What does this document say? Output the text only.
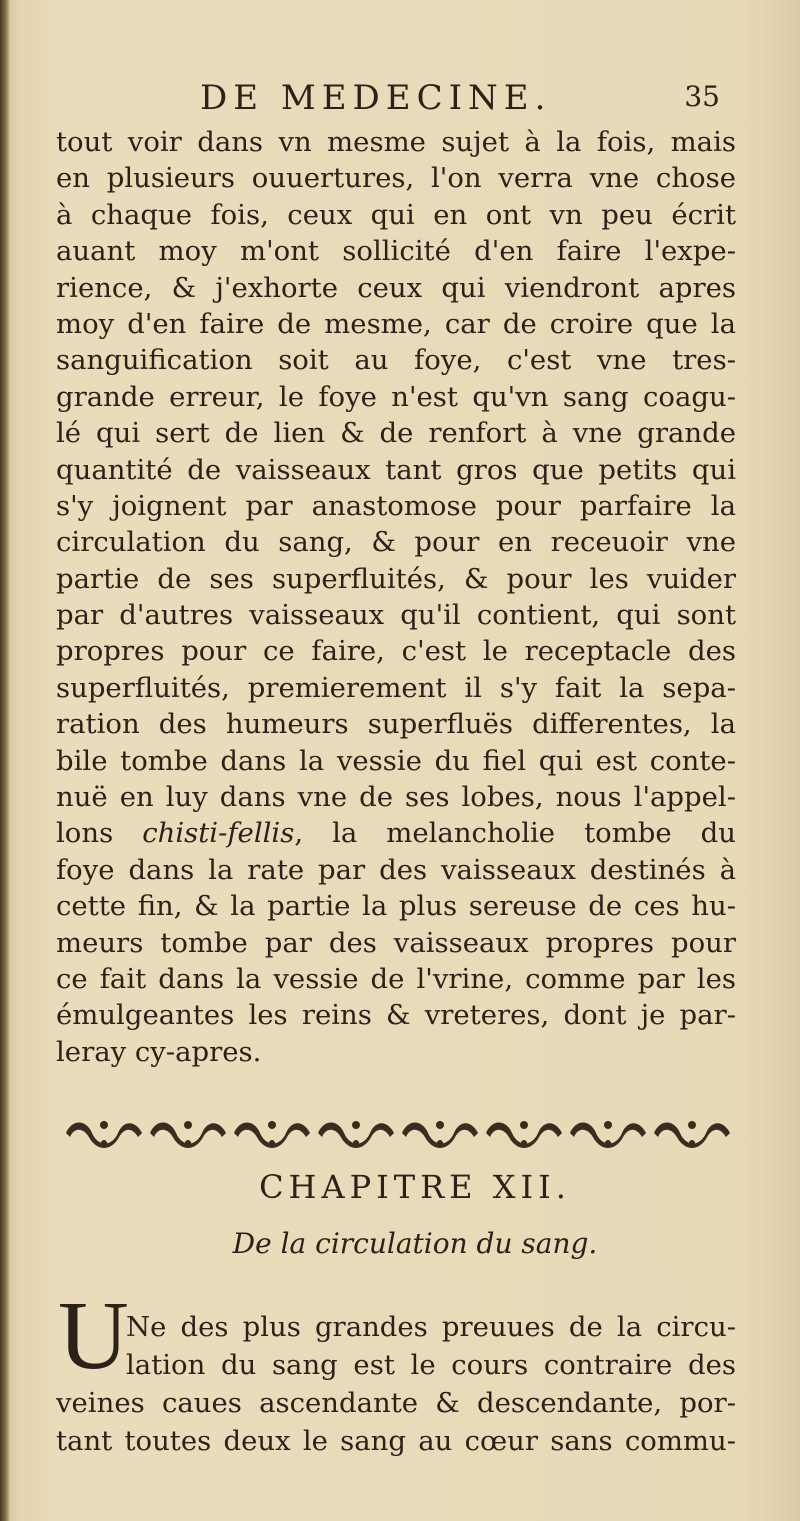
DE MEDECINE.	35
tout voir dans vn mesme sujet à la fois, mais
en plusieurs ouuertures, l'on verra vne chose
à chaque fois, ceux qui en ont vn peu écrit
auant moy m'ont sollicité d'en faire l'expe-
rience, & j'exhorte ceux qui viendront apres
moy d'en faire de mesme, car de croire que la
sanguification soit au foye, c'est vne tres-
grande erreur, le foye n'est qu'vn sang coagu-
lé qui sert de lien & de renfort à vne grande
quantité de vaisseaux tant gros que petits qui
s'y joignent par anastomose pour parfaire la
circulation du sang, & pour en receuoir vne
partie de ses superfluités, & pour les vuider
par d'autres vaisseaux qu'il contient, qui sont
propres pour ce faire, c'est le receptacle des
superfluités, premierement il s'y fait la sepa-
ration des humeurs superfluës differentes, la
bile tombe dans la vessie du fiel qui est conte-
nuë en luy dans vne de ses lobes, nous l'appel-
lons chisti-fellis, la melancholie tombe du
foye dans la rate par des vaisseaux destinés à
cette fin, & la partie la plus sereuse de ces hu-
meurs tombe par des vaisseaux propres pour
ce fait dans la vessie de l'vrine, comme par les
émulgeantes les reins & vreteres, dont je par-
leray cy-apres.
CHAPITRE XII.
De la circulation du sang.
U
Ne des plus grandes preuues de la circu-
lation du sang est le cours contraire des
veines caues ascendante & descendante, por-
tant toutes deux le sang au cœur sans commu-
